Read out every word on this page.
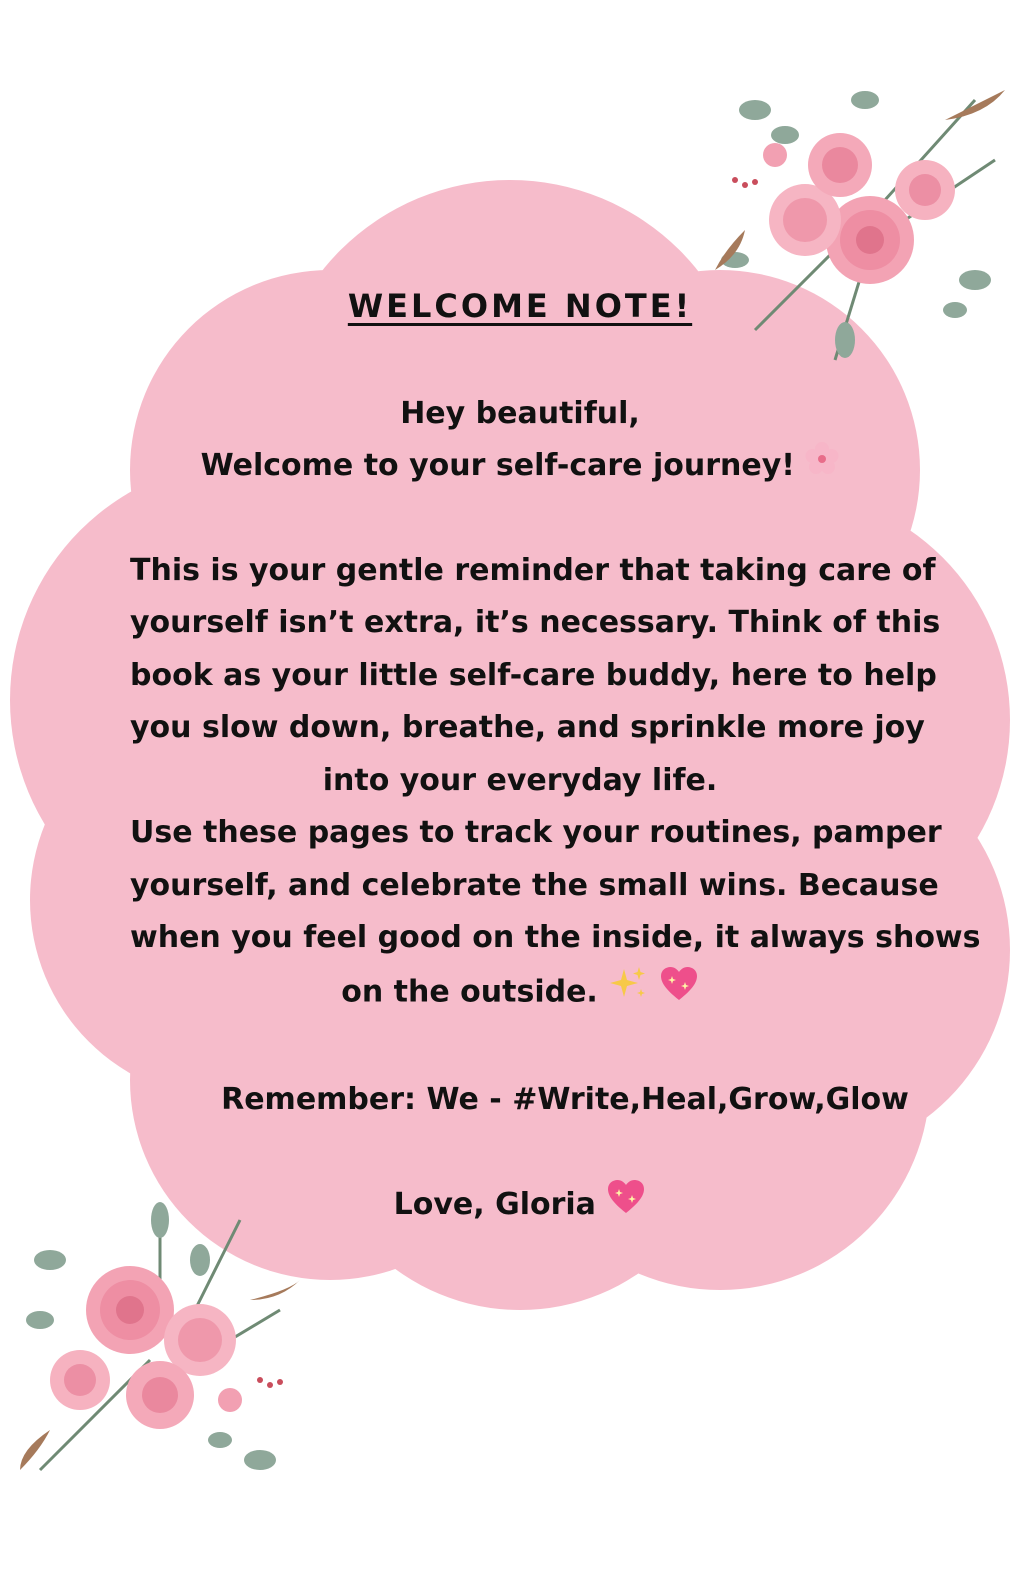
WELCOME NOTE!
Hey beautiful,
Welcome to your self-care journey!
This is your gentle reminder that taking care of
yourself isn’t extra, it’s necessary. Think of this
book as your little self-care buddy, here to help
you slow down, breathe, and sprinkle more joy
into your everyday life.
Use these pages to track your routines, pamper
yourself, and celebrate the small wins. Because
when you feel good on the inside, it always shows
on the outside.
Remember: We - #Write,Heal,Grow,Glow
Love, Gloria
